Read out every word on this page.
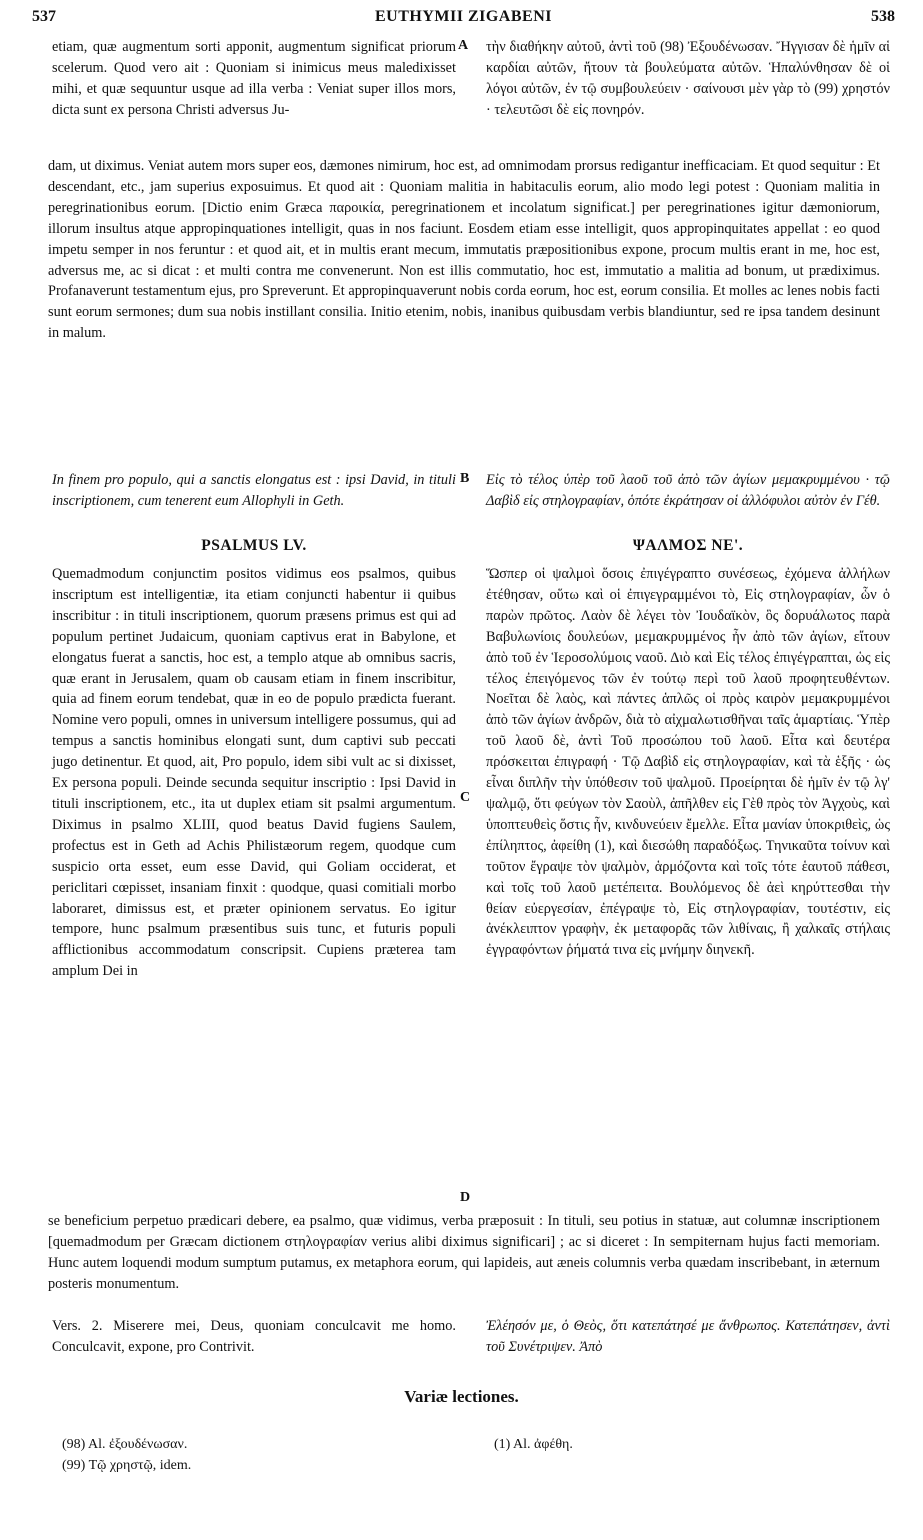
537	EUTHYMII ZIGABENI	538

etiam, quæ augmentum sorti apponit, augmentum significat priorum scelerum. Quod vero ait : Quoniam si inimicus meus maledixisset mihi, et quæ sequuntur usque ad illa verba : Veniat super illos mors, dicta sunt ex persona Christi adversus Ju-

τὴν διαθήκην αὐτοῦ, ἀντὶ τοῦ (98) Ἐξουδένωσαν. Ἤγγισαν δὲ ἡμῖν αἱ καρδίαι αὐτῶν, ἤτουν τὰ βουλεύματα αὐτῶν. Ἡπαλύνθησαν δὲ οἱ λόγοι αὐτῶν, ἐν τῷ συμβουλεύειν · σαίνουσι μὲν γὰρ τὸ (99) χρηστόν · τελευτῶσι δὲ εἰς πονηρόν.

dam, ut diximus. Veniat autem mors super eos, dæmones nimirum, hoc est, ad omnimodam prorsus redigantur inefficaciam. Et quod sequitur : Et descendant, etc., jam superius exposuimus. Et quod ait : Quoniam malitia in habitaculis eorum, alio modo legi potest : Quoniam malitia in peregrinationibus eorum. [Dictio enim Græca παροικία, peregrinationem et incolatum significat.] per peregrinationes igitur dæmoniorum, illorum insultus atque appropinquationes intelligit, quas in nos faciunt. Eosdem etiam esse intelligit, quos appropinquitates appellat : eo quod impetu semper in nos feruntur : et quod ait, et in multis erant mecum, immutatis præpositionibus expone, procum multis erant in me, hoc est, adversus me, ac si dicat : et multi contra me convenerunt. Non est illis commutatio, hoc est, immutatio a malitia ad bonum, ut prædiximus. Profanaverunt testamentum ejus, pro Spreverunt. Et appropinquaverunt nobis corda eorum, hoc est, eorum consilia. Et molles ac lenes nobis facti sunt eorum sermones; dum sua nobis instillant consilia. Initio etenim, nobis, inanibus quibusdam verbis blandiuntur, sed re ipsa tandem desinunt in malum.

In finem pro populo, qui a sanctis elongatus est : ipsi David, in tituli inscriptionem, cum tenerent eum Allophyli in Geth.

Εἰς τὸ τέλος ὑπὲρ τοῦ λαοῦ τοῦ ἀπὸ τῶν ἁγίων μεμακρυμμένου · τῷ Δαβὶδ εἰς στηλογραφίαν, ὁπότε ἐκράτησαν οἱ ἀλλόφυλοι αὐτὸν ἐν Γέθ.

PSALMUS LV.	ΨΑΛΜΟΣ ΝΕ'.

Quemadmodum conjunctim positos vidimus eos psalmos, quibus inscriptum est intelligentiæ, ita etiam conjuncti habentur ii quibus inscribitur : in tituli inscriptionem, quorum præsens primus est qui ad populum pertinet Judaicum, quoniam captivus erat in Babylone, et elongatus fuerat a sanctis, hoc est, a templo atque ab omnibus sacris, quæ erant in Jerusalem, quam ob causam etiam in finem inscribitur, quia ad finem eorum tendebat, quæ in eo de populo prædicta fuerant. Nomine vero populi, omnes in universum intelligere possumus, qui ad tempus a sanctis hominibus elongati sunt, dum captivi sub peccati jugo detinentur. Et quod, ait, Pro populo, idem sibi vult ac si dixisset, Ex persona populi. Deinde secunda sequitur inscriptio : Ipsi David in tituli inscriptionem, etc., ita ut duplex etiam sit psalmi argumentum. Diximus in psalmo XLIII, quod beatus David fugiens Saulem, profectus est in Geth ad Achis Philistæorum regem, quodque cum suspicio orta esset, eum esse David, qui Goliam occiderat, et periclitari cœpisset, insaniam finxit : quodque, quasi comitiali morbo laboraret, dimissus est, et præter opinionem servatus. Eo igitur tempore, hunc psalmum præsentibus suis tunc, et futuris populi afflictionibus accommodatum conscripsit. Cupiens præterea tam amplum Dei in

Ὥσπερ οἱ ψαλμοὶ ὅσοις ἐπιγέγραπτο συνέσεως, ἐχόμενα ἀλλήλων ἐτέθησαν, οὕτω καὶ οἱ ἐπιγεγραμμένοι τὸ, Εἰς στηλογραφίαν, ὧν ὁ παρὼν πρῶτος. Λαὸν δὲ λέγει τὸν Ἰουδαϊκὸν, ὃς δορυάλωτος παρὰ Βαβυλωνίοις δουλεύων, μεμακρυμμένος ἦν ἀπὸ τῶν ἁγίων, εἴτουν ἀπὸ τοῦ ἐν Ἱεροσολύμοις ναοῦ. Διὸ καὶ Εἰς τέλος ἐπιγέγραπται, ὡς εἰς τέλος ἐπειγόμενος τῶν ἐν τούτῳ περὶ τοῦ λαοῦ προφητευθέντων. Νοεῖται δὲ λαὸς, καὶ πάντες ἁπλῶς οἱ πρὸς καιρὸν μεμακρυμμένοι ἀπὸ τῶν ἁγίων ἀνδρῶν, διὰ τὸ αἰχμαλωτισθῆναι ταῖς ἁμαρτίαις. Ὑπὲρ τοῦ λαοῦ δὲ, ἀντὶ Τοῦ προσώπου τοῦ λαοῦ. Εἶτα καὶ δευτέρα πρόσκειται ἐπιγραφή · Τῷ Δαβὶδ εἰς στηλογραφίαν, καὶ τὰ ἑξῆς · ὡς εἶναι διπλῆν τὴν ὑπόθεσιν τοῦ ψαλμοῦ. Προείρηται δὲ ἡμῖν ἐν τῷ λγ' ψαλμῷ, ὅτι φεύγων τὸν Σαοὺλ, ἀπῆλθεν εἰς Γὲθ πρὸς τὸν Ἀγχοὺς, καὶ ὑποπτευθεὶς ὅστις ἦν, κινδυνεύειν ἔμελλε. Εἶτα μανίαν ὑποκριθεὶς, ὡς ἐπίληπτος, ἀφείθη (1), καὶ διεσώθη παραδόξως. Τηνικαῦτα τοίνυν καὶ τοῦτον ἔγραψε τὸν ψαλμὸν, ἁρμόζοντα καὶ τοῖς τότε ἑαυτοῦ πάθεσι, καὶ τοῖς τοῦ λαοῦ μετέπειτα. Βουλόμενος δὲ ἀεὶ κηρύττεσθαι τὴν θείαν εὐεργεσίαν, ἐπέγραψε τὸ, Εἰς στηλογραφίαν, τουτέστιν, εἰς ἀνέκλειπτον γραφὴν, ἐκ μεταφορᾶς τῶν λιθίναις, ἢ χαλκαῖς στήλαις ἐγγραφόντων ῥήματά τινα εἰς μνήμην διηνεκῆ.

se beneficium perpetuo prædicari debere, ea psalmo, quæ vidimus, verba præposuit : In tituli, seu potius in statuæ, aut columnæ inscriptionem [quemadmodum per Græcam dictionem στηλογραφίαν verius alibi diximus significari] ; ac si diceret : In sempiternam hujus facti memoriam. Hunc autem loquendi modum sumptum putamus, ex metaphora eorum, qui lapideis, aut æneis columnis verba quædam inscribebant, in æternum posteris monumentum.

Vers. 2. Miserere mei, Deus, quoniam conculcavit me homo. Conculcavit, expone, pro Contrivit.

Ἐλέησόν με, ὁ Θεὸς, ὅτι κατεπάτησέ με ἄνθρωπος. Κατεπάτησεν, ἀντὶ τοῦ Συνέτριψεν. Ἀπὸ

A
B
C
D
Variæ lectiones.
(98) Al. ἐξουδένωσαν.
(99) Τῷ χρηστῷ, idem.
(1) Al. ἀφέθη.
